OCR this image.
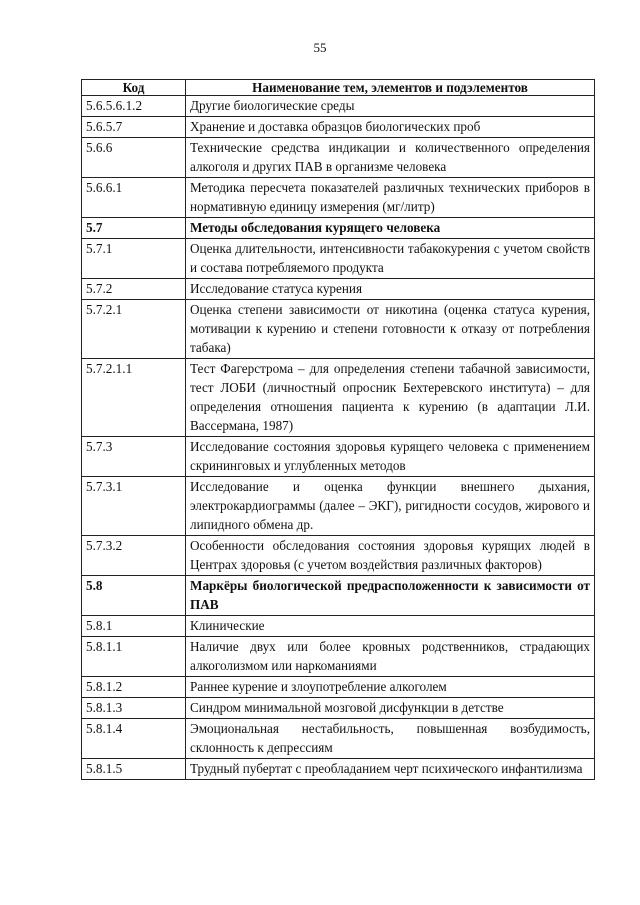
55
Код	Наименование тем, элементов и подэлементов
5.6.5.6.1.2	Другие биологические среды
5.6.5.7	Хранение и доставка образцов биологических проб
5.6.6	Технические средства индикации и количественного определения алкоголя и других ПАВ в организме человека
5.6.6.1	Методика пересчета показателей различных технических приборов в нормативную единицу измерения (мг/литр)
5.7	Методы обследования курящего человека
5.7.1	Оценка длительности, интенсивности табакокурения с учетом свойств и состава потребляемого продукта
5.7.2	Исследование статуса курения
5.7.2.1	Оценка степени зависимости от никотина (оценка статуса курения, мотивации к курению и степени готовности к отказу от потребления табака)
5.7.2.1.1	Тест Фагерстрома – для определения степени табачной зависимости, тест ЛОБИ (личностный опросник Бехтеревского института) – для определения отношения пациента к курению (в адаптации Л.И. Вассермана, 1987)
5.7.3	Исследование состояния здоровья курящего человека с применением скрининговых и углубленных методов
5.7.3.1	Исследование и оценка функции внешнего дыхания, электрокардиограммы (далее – ЭКГ), ригидности сосудов, жирового и липидного обмена др.
5.7.3.2	Особенности обследования состояния здоровья курящих людей в Центрах здоровья (с учетом воздействия различных факторов)
5.8	Маркёры биологической предрасположенности к зависимости от ПАВ
5.8.1	Клинические
5.8.1.1	Наличие двух или более кровных родственников, страдающих алкоголизмом или наркоманиями
5.8.1.2	Раннее курение и злоупотребление алкоголем
5.8.1.3	Синдром минимальной мозговой дисфункции в детстве
5.8.1.4	Эмоциональная нестабильность, повышенная возбудимость, склонность к депрессиям
5.8.1.5	Трудный пубертат с преобладанием черт психического инфантилизма
